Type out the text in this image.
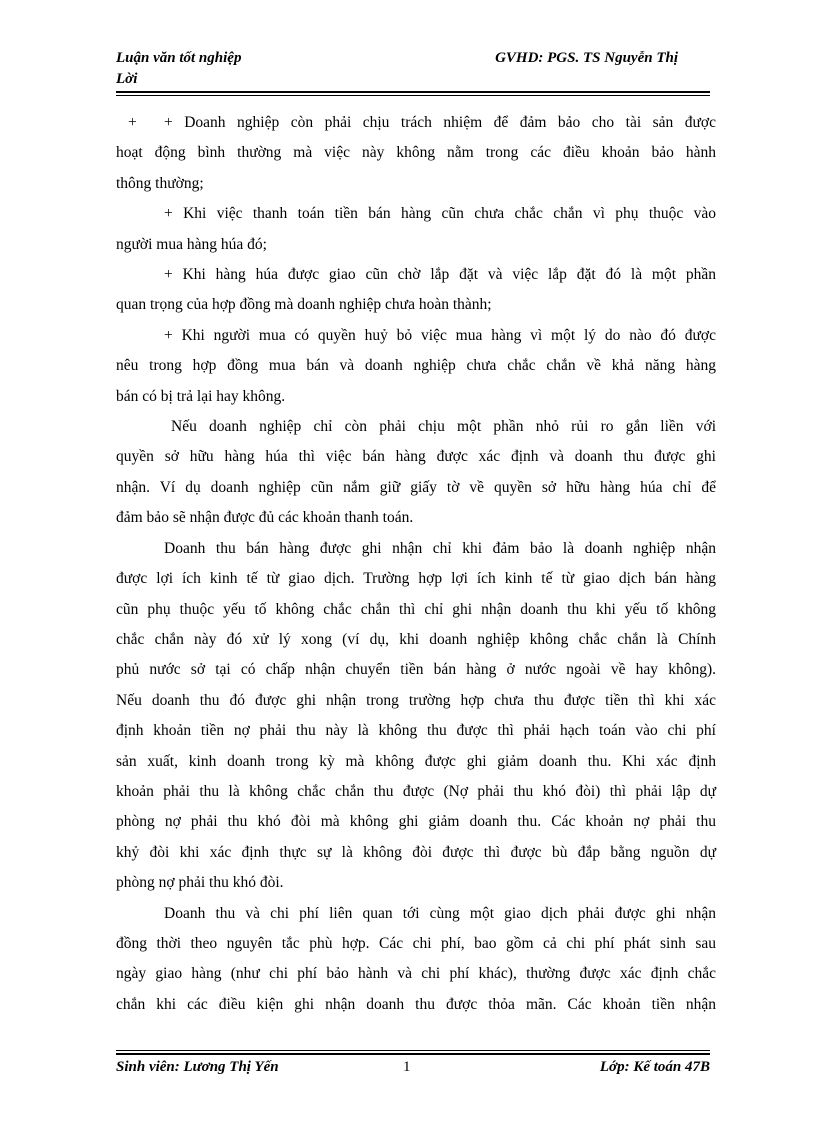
Luận văn tốt nghiệp
Lời
GVHD: PGS. TS Nguyễn Thị

+	+ Doanh nghiệp còn phải chịu trách nhiệm để đảm bảo cho tài sản được
hoạt động bình thường mà việc này không nằm trong các điều khoản bảo hành
thông thường;

+ Khi việc thanh toán tiền bán hàng cũn chưa chắc chắn vì phụ thuộc vào
người mua hàng húa đó;

+ Khi hàng húa được giao cũn chờ lắp đặt và việc lắp đặt đó là một phần
quan trọng của hợp đồng mà doanh nghiệp chưa hoàn thành;

+ Khi người mua có quyền huỷ bỏ việc mua hàng vì một lý do nào đó được
nêu trong hợp đồng mua bán và doanh nghiệp chưa chắc chắn về khả năng hàng
bán có bị trả lại hay không.

Nếu doanh nghiệp chỉ còn phải chịu một phần nhỏ rủi ro gắn liền với
quyền sở hữu hàng húa thì việc bán hàng được xác định và doanh thu được ghi
nhận. Ví dụ doanh nghiệp cũn nắm giữ giấy tờ về quyền sở hữu hàng húa chỉ để
đảm bảo sẽ nhận được đủ các khoản thanh toán.

Doanh thu bán hàng được ghi nhận chỉ khi đảm bảo là doanh nghiệp nhận
được lợi ích kinh tế từ giao dịch. Trường hợp lợi ích kinh tế từ giao dịch bán hàng
cũn phụ thuộc yếu tố không chắc chắn thì chỉ ghi nhận doanh thu khi yếu tố không
chắc chắn này đó xử lý xong (ví dụ, khi doanh nghiệp không chắc chắn là Chính
phủ nước sở tại có chấp nhận chuyển tiền bán hàng ở nước ngoài về hay không).
Nếu doanh thu đó được ghi nhận trong trường hợp chưa thu được tiền thì khi xác
định khoản tiền nợ phải thu này là không thu được thì phải hạch toán vào chi phí
sản xuất, kinh doanh trong kỳ mà không được ghi giảm doanh thu. Khi xác định
khoản phải thu là không chắc chắn thu được (Nợ phải thu khó đòi) thì phải lập dự
phòng nợ phải thu khó đòi mà không ghi giảm doanh thu. Các khoản nợ phải thu
khỷ đòi khi xác định thực sự là không đòi được thì được bù đắp bằng nguồn dự
phòng nợ phải thu khó đòi.

Doanh thu và chi phí liên quan tới cùng một giao dịch phải được ghi nhận
đồng thời theo nguyên tắc phù hợp. Các chi phí, bao gồm cả chi phí phát sinh sau
ngày giao hàng (như chi phí bảo hành và chi phí khác), thường được xác định chắc
chắn khi các điều kiện ghi nhận doanh thu được thỏa mãn. Các khoản tiền nhận

Sinh viên: Lương Thị Yến	1	Lớp: Kế toán 47B
